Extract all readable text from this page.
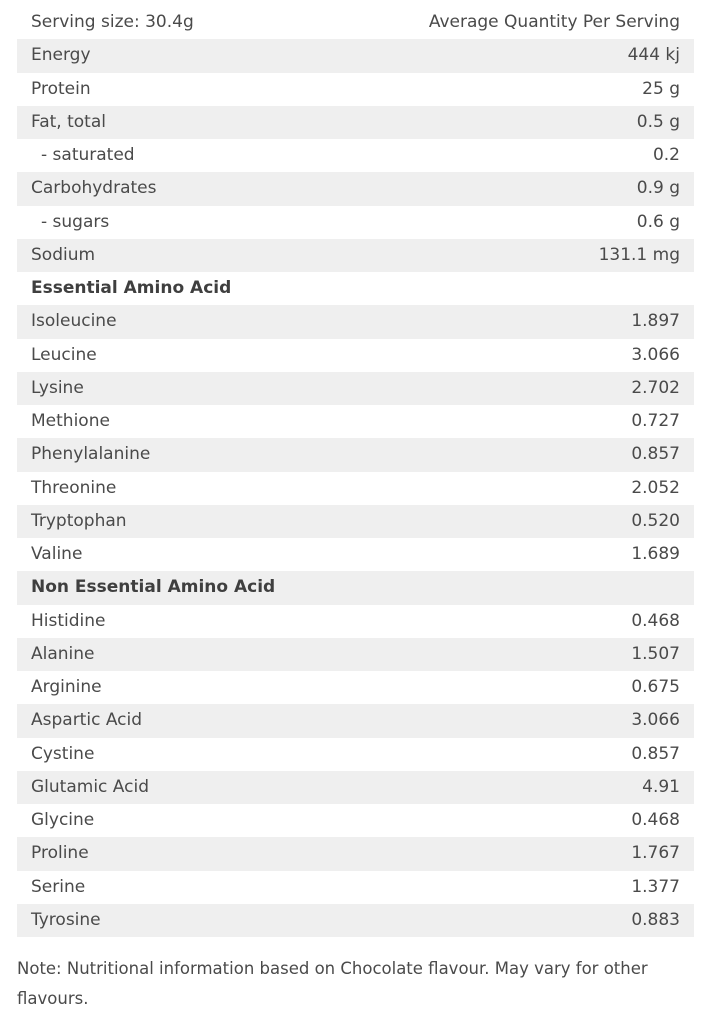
Serving size: 30.4g	Average Quantity Per Serving
Energy	444 kj
Protein	25 g
Fat, total	0.5 g
- saturated	0.2
Carbohydrates	0.9 g
- sugars	0.6 g
Sodium	131.1 mg
Essential Amino Acid
Isoleucine	1.897
Leucine	3.066
Lysine	2.702
Methione	0.727
Phenylalanine	0.857
Threonine	2.052
Tryptophan	0.520
Valine	1.689
Non Essential Amino Acid
Histidine	0.468
Alanine	1.507
Arginine	0.675
Aspartic Acid	3.066
Cystine	0.857
Glutamic Acid	4.91
Glycine	0.468
Proline	1.767
Serine	1.377
Tyrosine	0.883
Note: Nutritional information based on Chocolate flavour. May vary for other flavours.
